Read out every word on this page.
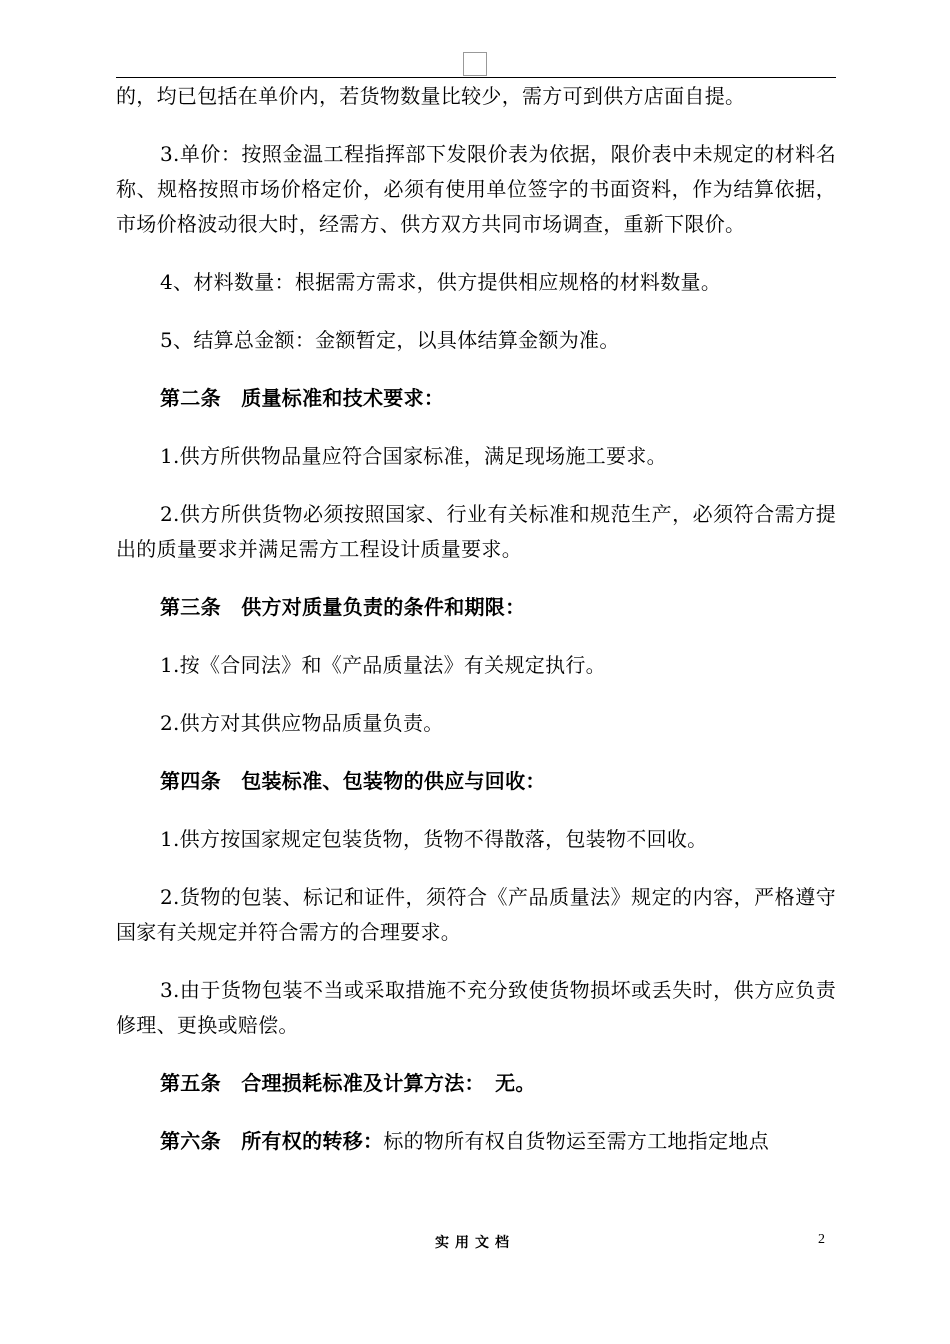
的，均已包括在单价内，若货物数量比较少，需方可到供方店面自提。

3.单价：按照金温工程指挥部下发限价表为依据，限价表中未规定的材料名称、规格按照市场价格定价，必须有使用单位签字的书面资料，作为结算依据，市场价格波动很大时，经需方、供方双方共同市场调查，重新下限价。

4、材料数量：根据需方需求，供方提供相应规格的材料数量。

5、结算总金额：金额暂定，以具体结算金额为准。

第二条　质量标准和技术要求：

1.供方所供物品量应符合国家标准，满足现场施工要求。

2.供方所供货物必须按照国家、行业有关标准和规范生产，必须符合需方提出的质量要求并满足需方工程设计质量要求。

第三条　供方对质量负责的条件和期限：

1.按《合同法》和《产品质量法》有关规定执行。

2.供方对其供应物品质量负责。

第四条　包装标准、包装物的供应与回收：

1.供方按国家规定包装货物，货物不得散落，包装物不回收。

2.货物的包装、标记和证件，须符合《产品质量法》规定的内容，严格遵守国家有关规定并符合需方的合理要求。

3.由于货物包装不当或采取措施不充分致使货物损坏或丢失时，供方应负责修理、更换或赔偿。

第五条　合理损耗标准及计算方法：　无。

第六条　所有权的转移：标的物所有权自货物运至需方工地指定地点

实用文档	2
